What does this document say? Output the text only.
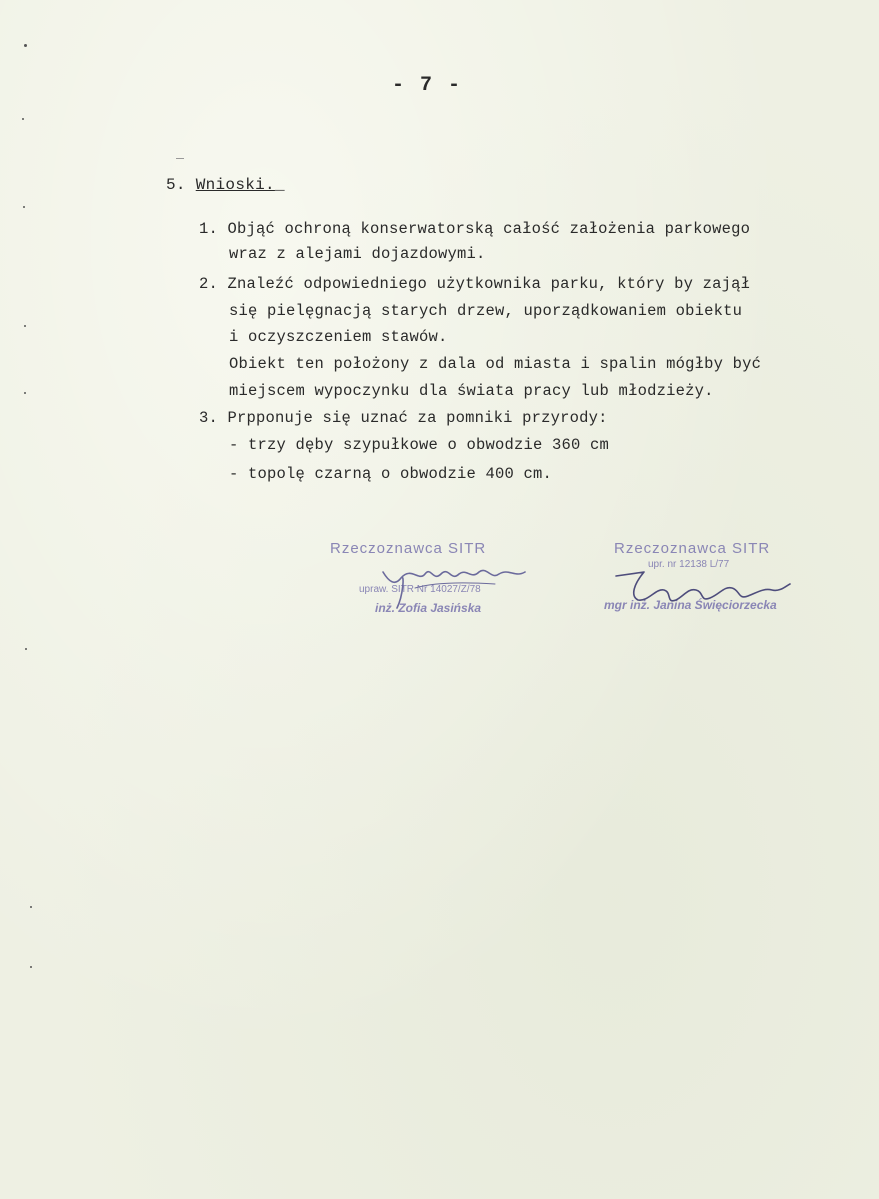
- 7 -
5. Wnioski._
1. Objąć ochroną konserwatorską całość założenia parkowego
wraz z alejami dojazdowymi.
2. Znaleźć odpowiedniego użytkownika parku, który by zajął
się pielęgnacją starych drzew, uporządkowaniem obiektu
i oczyszczeniem stawów.
Obiekt ten położony z dala od miasta i spalin mógłby być
miejscem wypoczynku dla świata pracy lub młodzieży.
3. Prpponuje się uznać za pomniki przyrody:
- trzy dęby szypułkowe o obwodzie 360 cm
- topolę czarną o obwodzie 400 cm.
Rzeczoznawca SITR
upraw. SITR Nr 14027/Z/78
inż. Zofia Jasińska
Rzeczoznawca SITR
upr. nr 12138 L/77
mgr inż. Janina Święciorzecka
